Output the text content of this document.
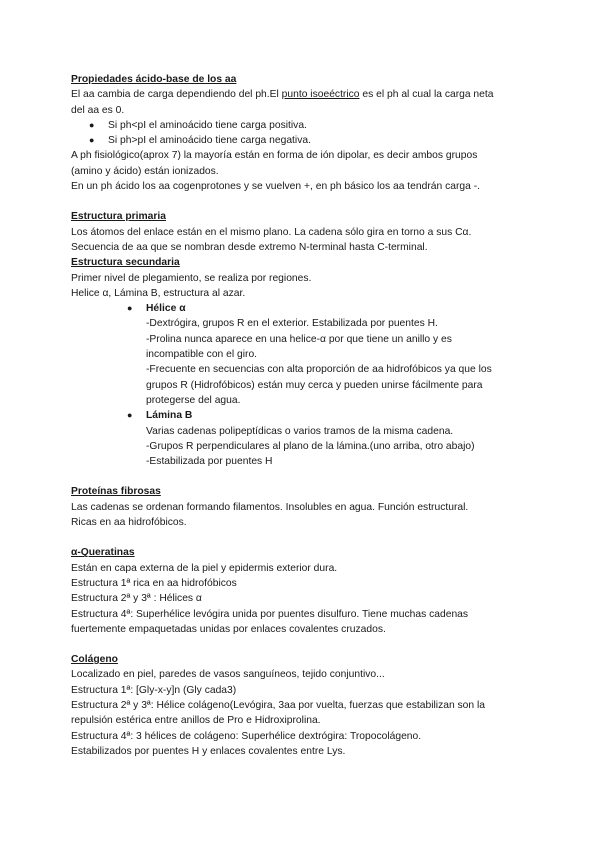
Propiedades ácido-base de los aa
El aa cambia de carga dependiendo del ph.El punto isoeéctrico es el ph al cual la carga neta
del aa es 0.
● Si ph<pI el aminoácido tiene carga positiva.
● Si ph>pI el aminoácido tiene carga negativa.
A ph fisiológico(aprox 7) la mayoría están en forma de ión dipolar, es decir ambos grupos
(amino y ácido) están ionizados.
En un ph ácido los aa cogenprotones y se vuelven +, en ph básico los aa tendrán carga -.
Estructura primaria
Los átomos del enlace están en el mismo plano. La cadena sólo gira en torno a sus Cα.
Secuencia de aa que se nombran desde extremo N-terminal hasta C-terminal.
Estructura secundaria
Primer nivel de plegamiento, se realiza por regiones.
Helice α, Lámina B, estructura al azar.
● Hélice α
-Dextrógira, grupos R en el exterior. Estabilizada por puentes H.
-Prolina nunca aparece en una helice-α por que tiene un anillo y es
incompatible con el giro.
-Frecuente en secuencias con alta proporción de aa hidrofóbicos ya que los
grupos R (Hidrofóbicos) están muy cerca y pueden unirse fácilmente para
protegerse del agua.
● Lámina B
Varias cadenas polipeptídicas o varios tramos de la misma cadena.
-Grupos R perpendiculares al plano de la lámina.(uno arriba, otro abajo)
-Estabilizada por puentes H
Proteínas fibrosas
Las cadenas se ordenan formando filamentos. Insolubles en agua. Función estructural.
Ricas en aa hidrofóbicos.
α-Queratinas
Están en capa externa de la piel y epidermis exterior dura.
Estructura 1ª rica en aa hidrofóbicos
Estructura 2ª y 3ª : Hélices α
Estructura 4ª: Superhélice levógira unida por puentes disulfuro. Tiene muchas cadenas
fuertemente empaquetadas unidas por enlaces covalentes cruzados.
Colágeno
Localizado en piel, paredes de vasos sanguíneos, tejido conjuntivo...
Estructura 1ª: [Gly-x-y]n (Gly cada3)
Estructura 2ª y 3ª: Hélice colágeno(Levógira, 3aa por vuelta, fuerzas que estabilizan son la
repulsión estérica entre anillos de Pro e Hidroxiprolina.
Estructura 4ª: 3 hélices de colágeno: Superhélice dextrógira: Tropocolágeno.
Estabilizados por puentes H y enlaces covalentes entre Lys.
